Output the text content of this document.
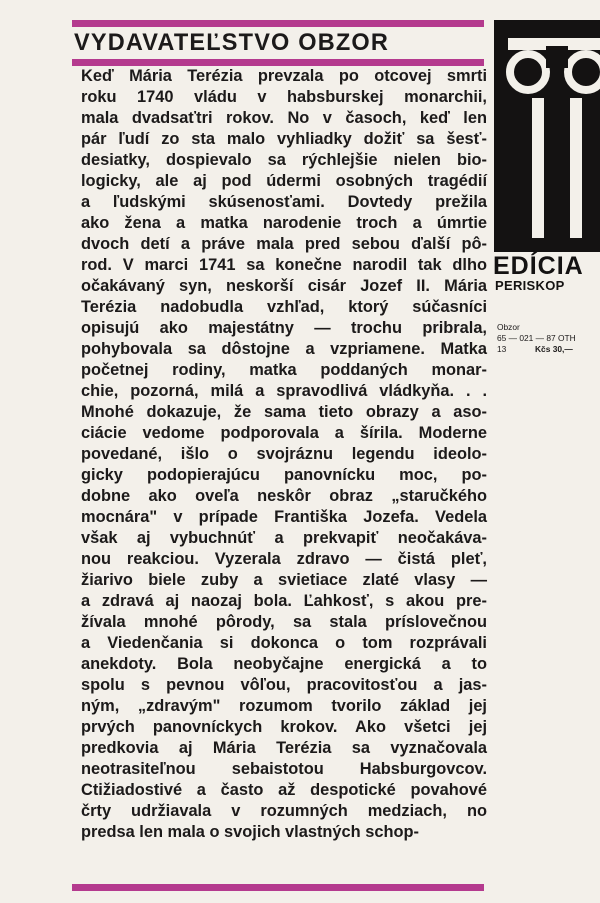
VYDAVATEĽSTVO OBZOR
Keď Mária Terézia prevzala po otcovej smrti
roku 1740 vládu v habsburskej monarchii,
mala dvadsaťtri rokov. No v časoch, keď len
pár ľudí zo sta malo vyhliadky dožiť sa šesť-
desiatky, dospievalo sa rýchlejšie nielen bio-
logicky, ale aj pod údermi osobných tragédií
a ľudskými skúsenosťami. Dovtedy prežila
ako žena a matka narodenie troch a úmrtie
dvoch detí a práve mala pred sebou ďalší pô-
rod. V marci 1741 sa konečne narodil tak dlho
očakávaný syn, neskorší cisár Jozef II. Mária
Terézia nadobudla vzhľad, ktorý súčasníci
opisujú ako majestátny — trochu pribrala,
pohybovala sa dôstojne a vzpriamene. Matka
početnej rodiny, matka poddaných monar-
chie, pozorná, milá a spravodlivá vládkyňa. . .
Mnohé dokazuje, že sama tieto obrazy a aso-
ciácie vedome podporovala a šírila. Moderne
povedané, išlo o svojráznu legendu ideolo-
gicky podopierajúcu panovnícku moc, po-
dobne ako oveľa neskôr obraz „staručkého
mocnára" v prípade Františka Jozefa. Vedela
však aj vybuchnúť a prekvapiť neočakáva-
nou reakciou. Vyzerala zdravo — čistá pleť,
žiarivo biele zuby a svietiace zlaté vlasy —
a zdravá aj naozaj bola. Ľahkosť, s akou pre-
žívala mnohé pôrody, sa stala príslovečnou
a Viedenčania si dokonca o tom rozprávali
anekdoty. Bola neobyčajne energická a to
spolu s pevnou vôľou, pracovitosťou a jas-
ným, „zdravým" rozumom tvorilo základ jej
prvých panovníckych krokov. Ako všetci jej
predkovia aj Mária Terézia sa vyznačovala
neotrasiteľnou sebaistotou Habsburgovcov.
Ctižiadostivé a často až despotické povahové
črty udržiavala v rozumných medziach, no
predsa len mala o svojich vlastných schop-
EDÍCIA
PERISKOP
Obzor
65 — 021 — 87 OTH
13	Kčs 30,—
